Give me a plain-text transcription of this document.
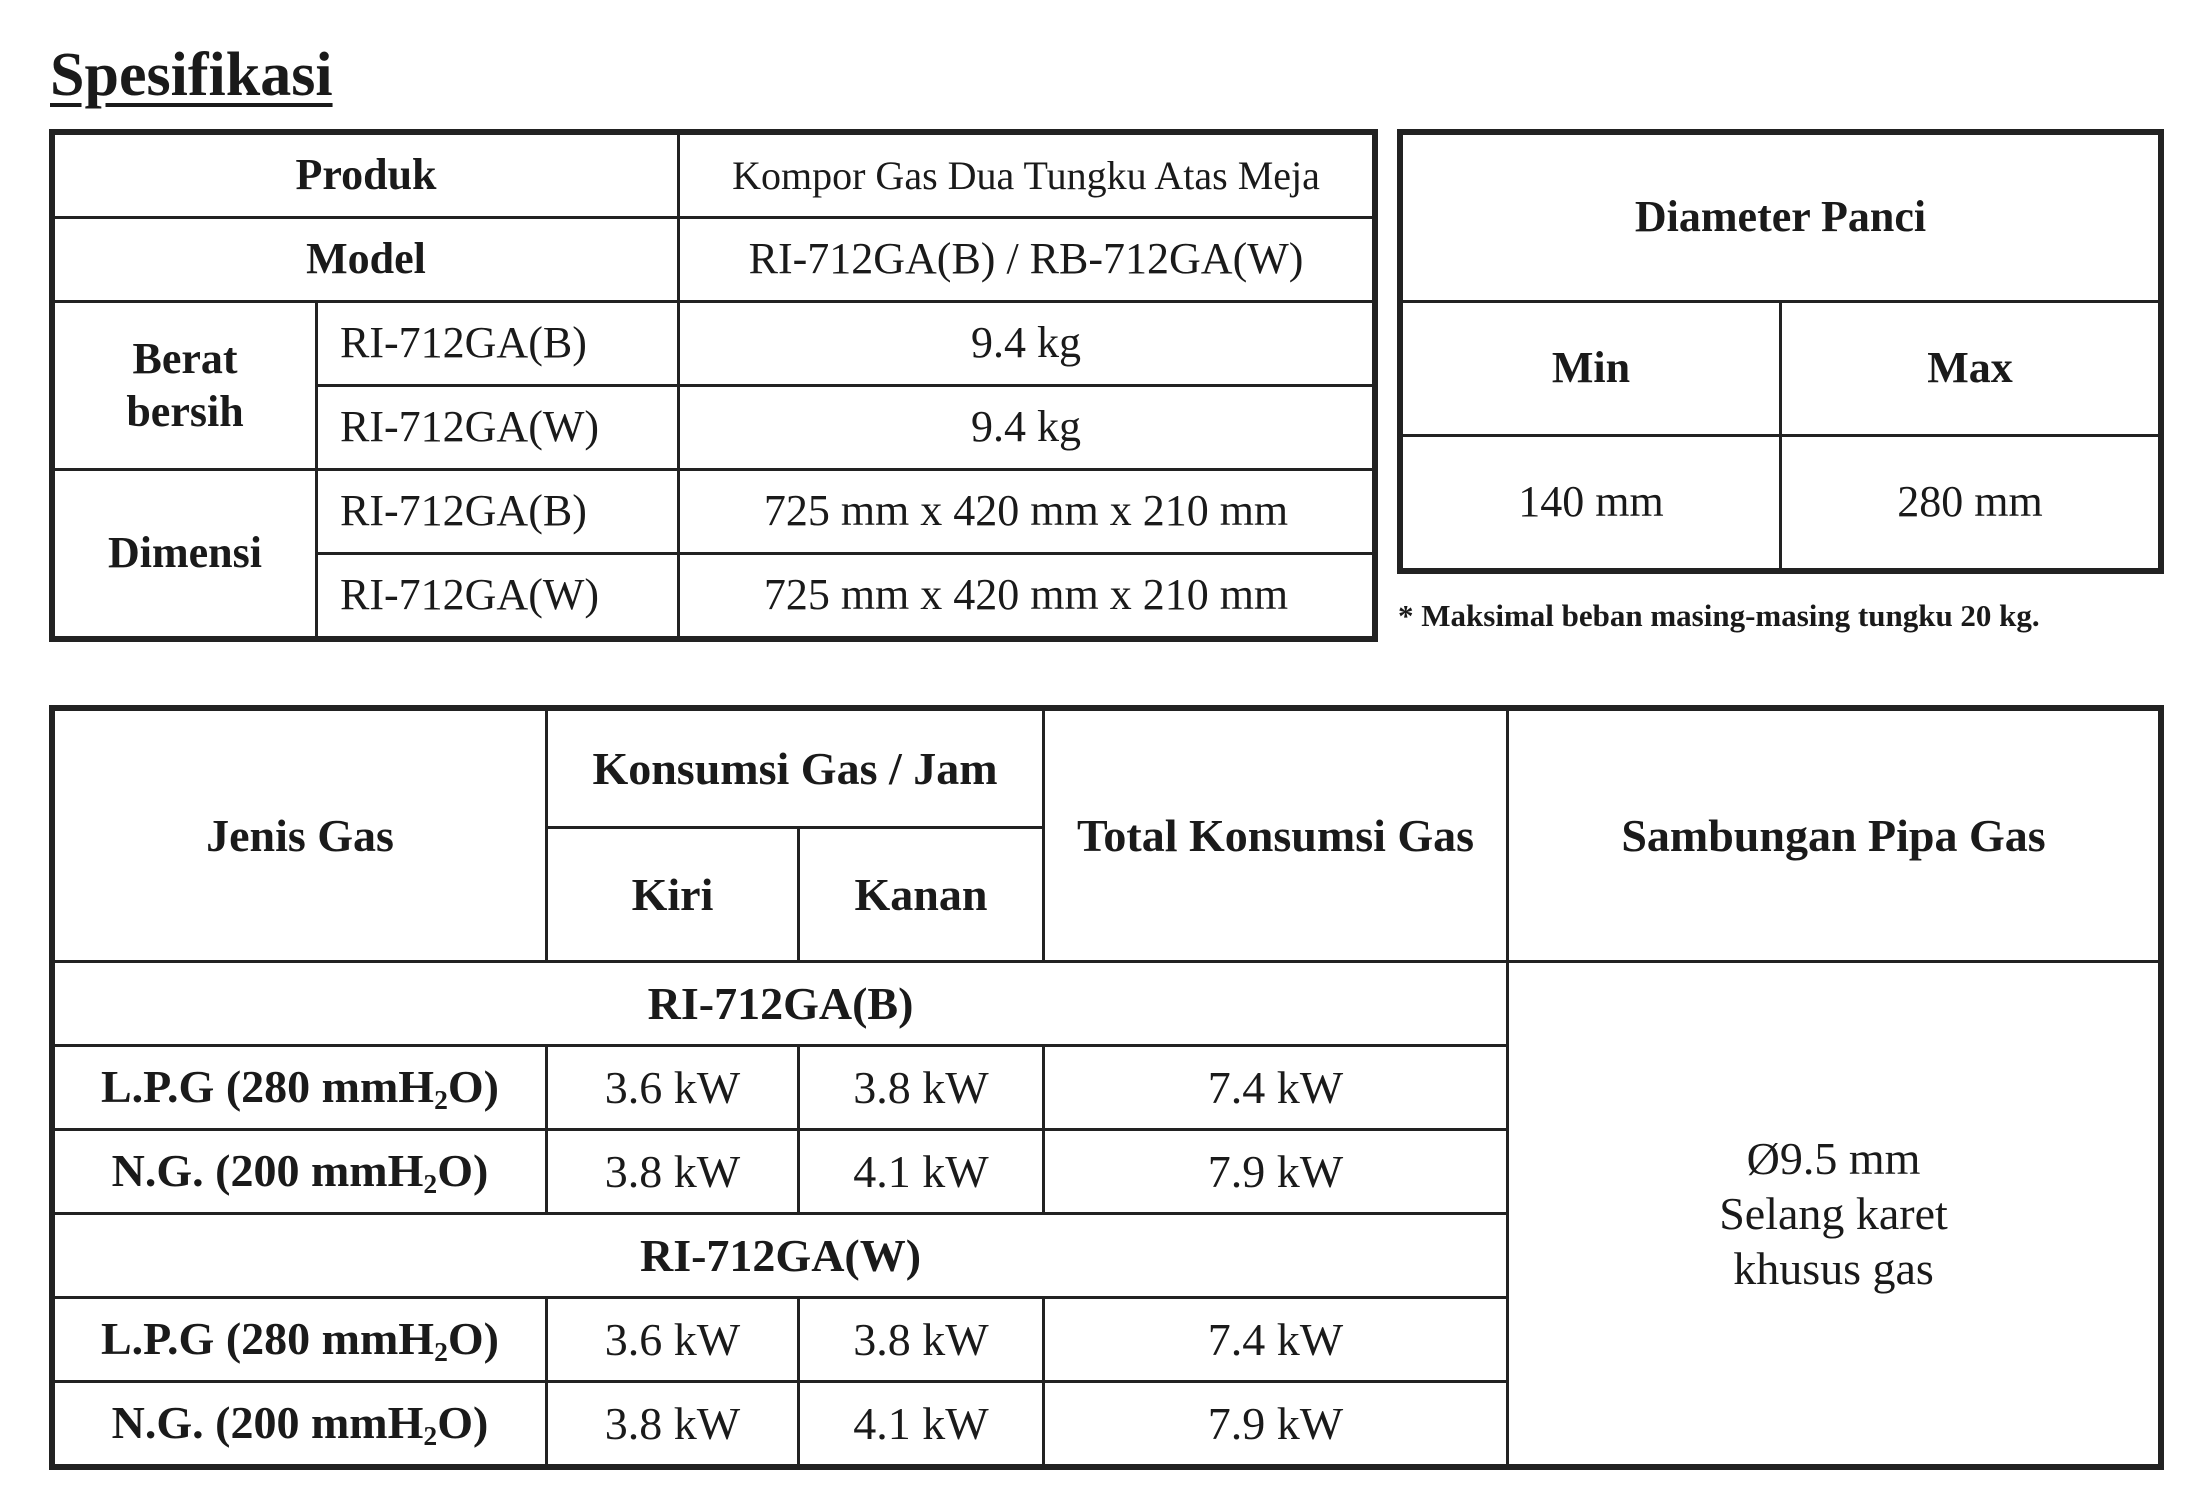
Spesifikasi
Produk		Kompor Gas Dua Tungku Atas Meja
Model		RI-712GA(B) / RB-712GA(W)
Berat bersih	RI-712GA(B)	9.4 kg
	RI-712GA(W)	9.4 kg
Dimensi	RI-712GA(B)	725 mm x 420 mm x 210 mm
	RI-712GA(W)	725 mm x 420 mm x 210 mm
Diameter Panci	
Min	Max
140 mm	280 mm

* Maksimal beban masing-masing tungku 20 kg.

Jenis Gas	Konsumsi Gas / Jam		Total Konsumsi Gas	Sambungan Pipa Gas
	Kiri	Kanan		
RI-712GA(B)				Ø9.5 mm
Selang karet
khusus gas

L.P.G (280 mmH$_2$O)	3.6 kW	3.8 kW	7.4 kW	
N.G. (200 mmH$_2$O)	3.8 kW	4.1 kW	7.9 kW	
RI-712GA(W)				
L.P.G (280 mmH$_2$O)	3.6 kW	3.8 kW	7.4 kW	
N.G. (200 mmH$_2$O)	3.8 kW	4.1 kW	7.9 kW	
